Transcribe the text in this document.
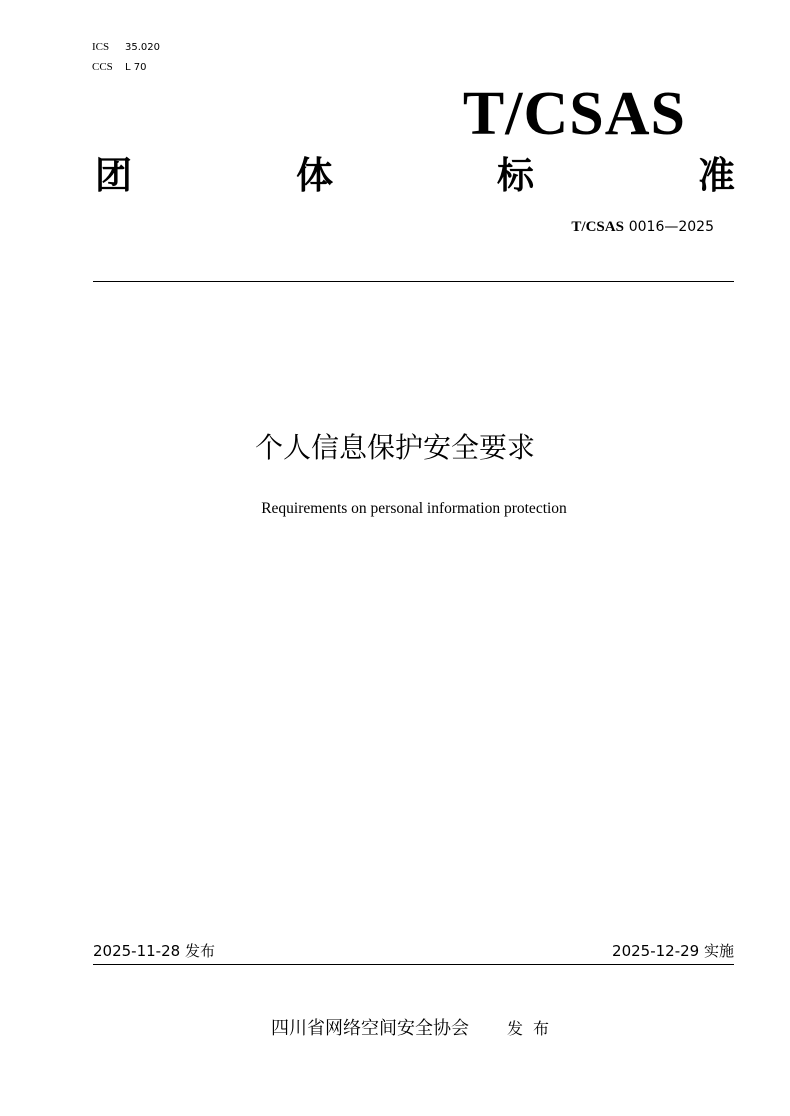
ICS 35.020
CCS L 70
T/CSAS
团	体	标	准
T/CSAS 0016—2025
个人信息保护安全要求
Requirements on personal information protection
2025-11-28 发布	2025-12-29 实施
四川省网络空间安全协会 发布
